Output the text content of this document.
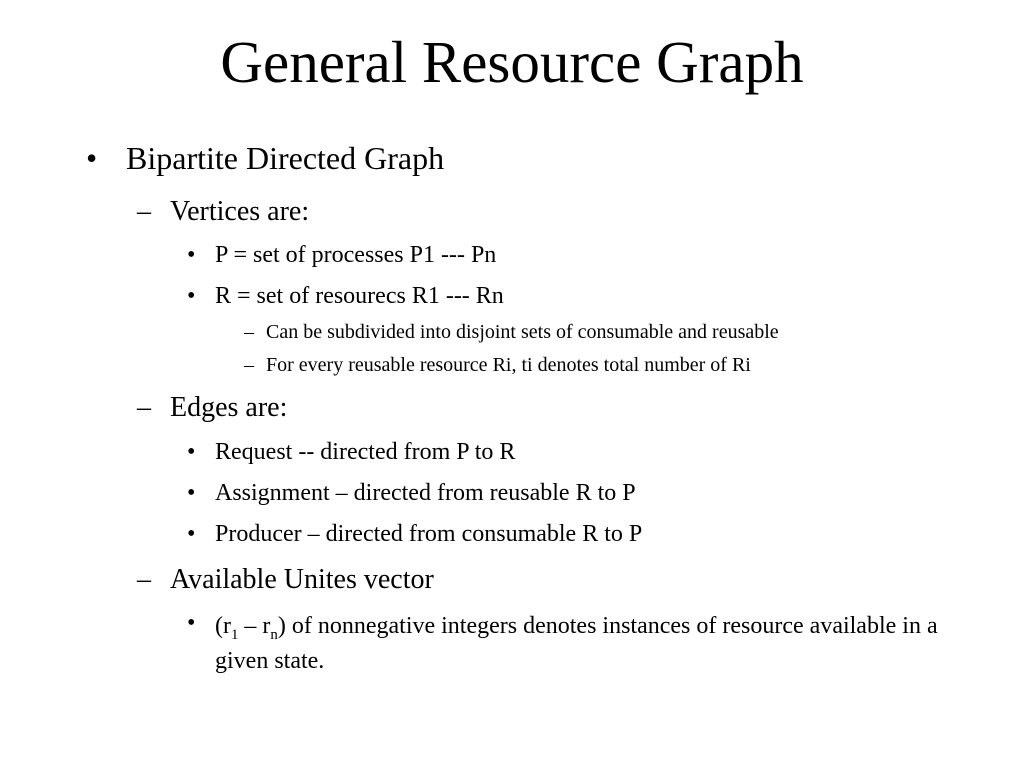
General Resource Graph
• Bipartite Directed Graph
– Vertices are:
• P = set of processes P1 --- Pn
• R = set of resourecs R1 --- Rn
– Can be subdivided into disjoint sets of consumable and reusable
– For every reusable resource Ri, ti denotes total number of Ri
– Edges are:
• Request -- directed from P to R
• Assignment – directed from reusable R to P
• Producer – directed from consumable R to P
– Available Unites vector
• $(r_1 - r_n)$ of nonnegative integers denotes instances of resource available in a given state.
